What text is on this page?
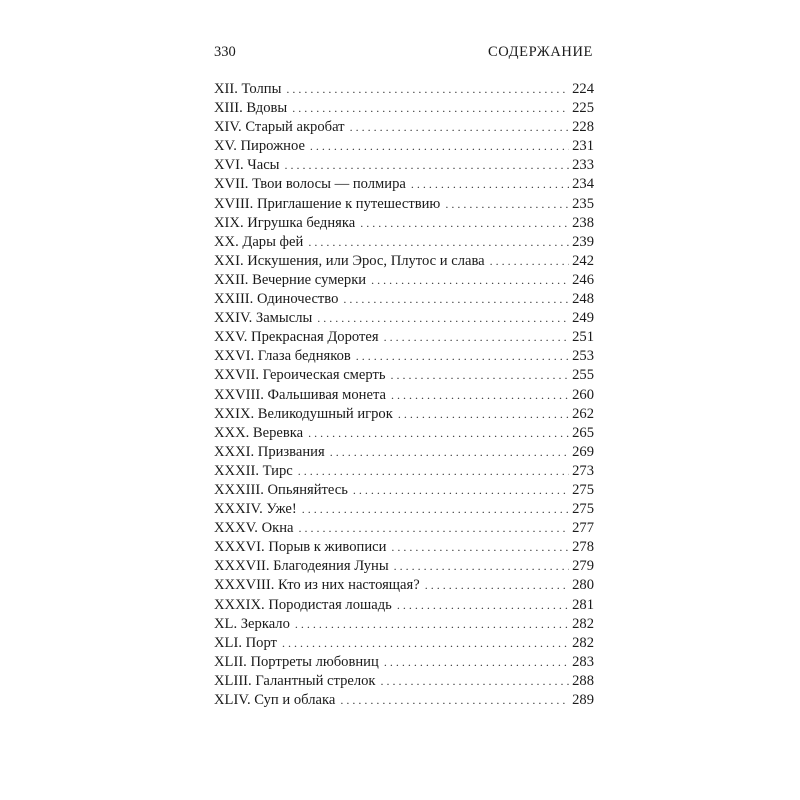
330	СОДЕРЖАНИЕ
XII. Толпы . . .	224
XIII. Вдовы . . .	225
XIV. Старый акробат . . .	228
XV. Пирожное . . .	231
XVI. Часы . . .	233
XVII. Твои волосы — полмира . . .	234
XVIII. Приглашение к путешествию . . .	235
XIX. Игрушка бедняка . . .	238
XX. Дары фей . . .	239
XXI. Искушения, или Эрос, Плутос и слава . . .	242
XXII. Вечерние сумерки . . .	246
XXIII. Одиночество . . .	248
XXIV. Замыслы . . .	249
XXV. Прекрасная Доротея . . .	251
XXVI. Глаза бедняков . . .	253
XXVII. Героическая смерть . . .	255
XXVIII. Фальшивая монета . . .	260
XXIX. Великодушный игрок . . .	262
XXX. Веревка . . .	265
XXXI. Призвания . . .	269
XXXII. Тирс . . .	273
XXXIII. Опьяняйтесь . . .	275
XXXIV. Уже! . . .	275
XXXV. Окна . . .	277
XXXVI. Порыв к живописи . . .	278
XXXVII. Благодеяния Луны . . .	279
XXXVIII. Кто из них настоящая? . . .	280
XXXIX. Породистая лошадь . . .	281
XL. Зеркало . . .	282
XLI. Порт . . .	282
XLII. Портреты любовниц . . .	283
XLIII. Галантный стрелок . . .	288
XLIV. Суп и облака . . .	289
